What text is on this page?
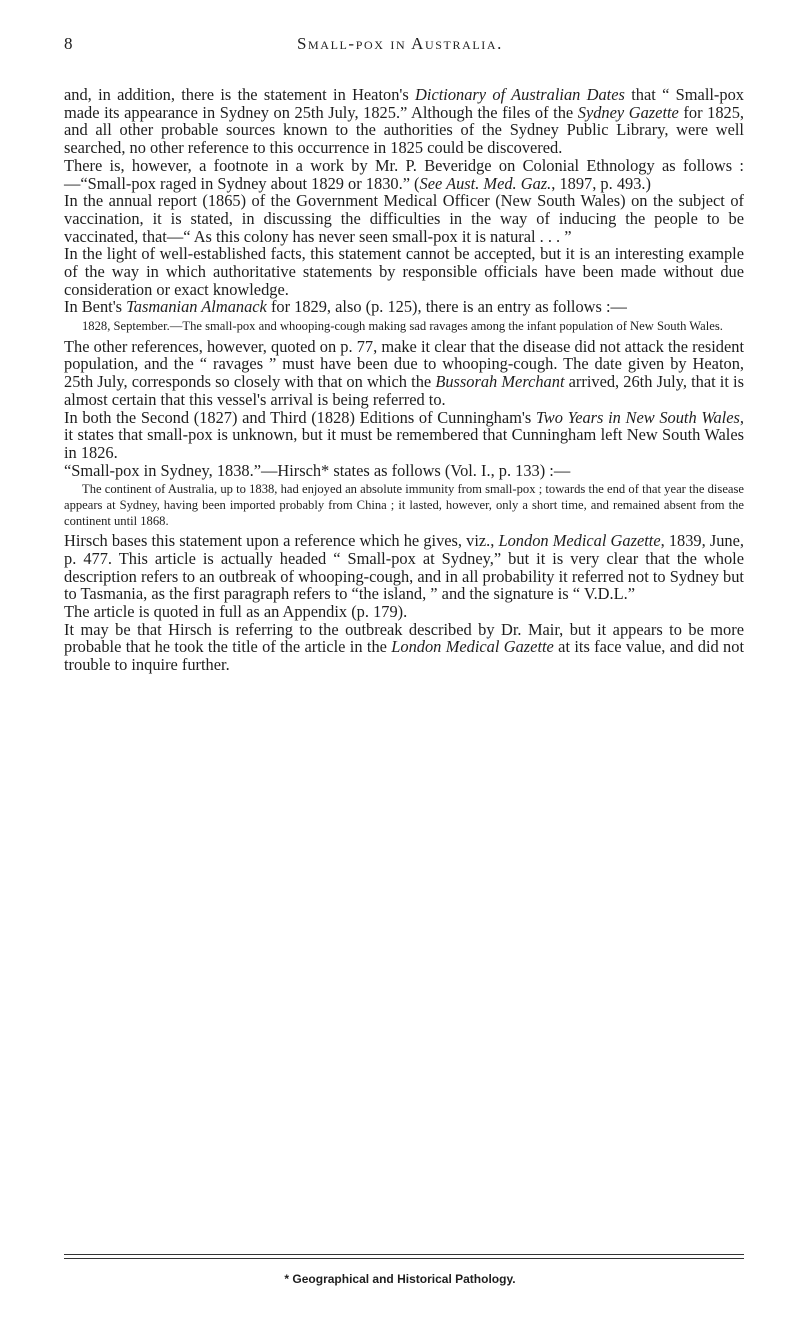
8	Small-pox in Australia.

and, in addition, there is the statement in Heaton's Dictionary of Australian Dates that “ Small-pox made its appearance in Sydney on 25th July, 1825.” Although the files of the Sydney Gazette for 1825, and all other probable sources known to the authorities of the Sydney Public Library, were well searched, no other reference to this occurrence in 1825 could be discovered.

There is, however, a footnote in a work by Mr. P. Beveridge on Colonial Ethnology as follows :—“Small-pox raged in Sydney about 1829 or 1830.” (See Aust. Med. Gaz., 1897, p. 493.)

In the annual report (1865) of the Government Medical Officer (New South Wales) on the subject of vaccination, it is stated, in discussing the difficulties in the way of inducing the people to be vaccinated, that—“ As this colony has never seen small-pox it is natural . . . ”

In the light of well-established facts, this statement cannot be accepted, but it is an interesting example of the way in which authoritative statements by responsible officials have been made without due consideration or exact knowledge.

In Bent's Tasmanian Almanack for 1829, also (p. 125), there is an entry as follows :—

1828, September.—The small-pox and whooping-cough making sad ravages among the infant population of New South Wales.

The other references, however, quoted on p. 77, make it clear that the disease did not attack the resident population, and the “ ravages ” must have been due to whooping-cough. The date given by Heaton, 25th July, corresponds so closely with that on which the Bussorah Merchant arrived, 26th July, that it is almost certain that this vessel's arrival is being referred to.

In both the Second (1827) and Third (1828) Editions of Cunningham's Two Years in New South Wales, it states that small-pox is unknown, but it must be remembered that Cunningham left New South Wales in 1826.

“Small-pox in Sydney, 1838.”—Hirsch* states as follows (Vol. I., p. 133) :—

The continent of Australia, up to 1838, had enjoyed an absolute immunity from small-pox ; towards the end of that year the disease appears at Sydney, having been imported probably from China ; it lasted, however, only a short time, and remained absent from the continent until 1868.

Hirsch bases this statement upon a reference which he gives, viz., London Medical Gazette, 1839, June, p. 477. This article is actually headed “ Small-pox at Sydney,” but it is very clear that the whole description refers to an outbreak of whooping-cough, and in all probability it referred not to Sydney but to Tasmania, as the first paragraph refers to “the island, ” and the signature is “ V.D.L.”

The article is quoted in full as an Appendix (p. 179).

It may be that Hirsch is referring to the outbreak described by Dr. Mair, but it appears to be more probable that he took the title of the article in the London Medical Gazette at its face value, and did not trouble to inquire further.

* Geographical and Historical Pathology.
